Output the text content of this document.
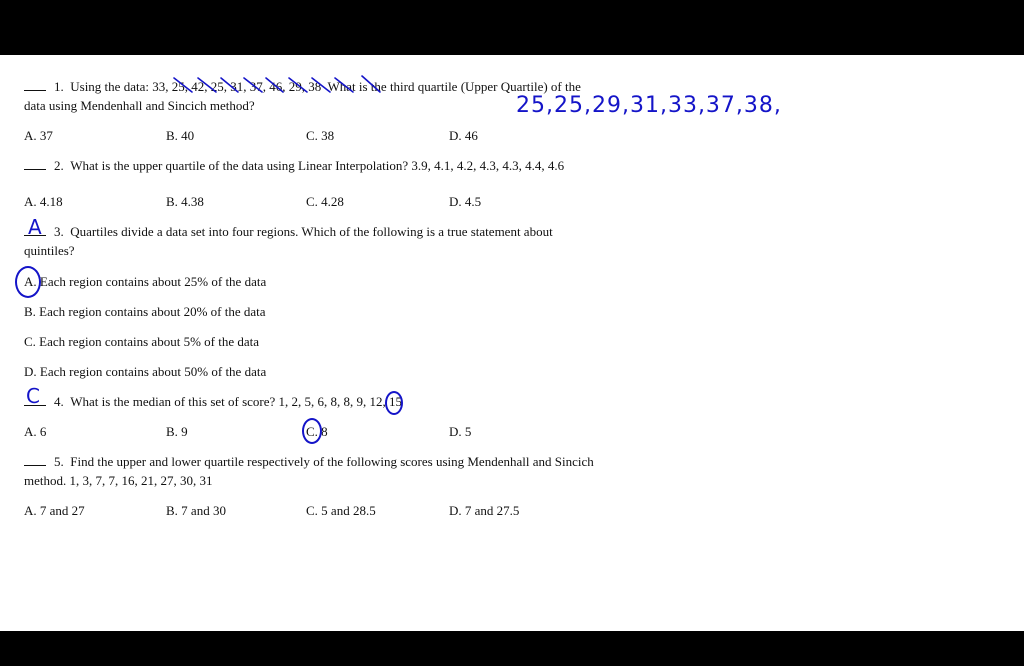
1. Using the data: 33, 25, 42, 25, 31, 37, 46, 29, 38 What is the third quartile (Upper Quartile) of the
data using Mendenhall and Sincich method?
A. 37	B. 40	C. 38	D. 46
25,25,29,31,33,37,38,
2. What is the upper quartile of the data using Linear Interpolation? 3.9, 4.1, 4.2, 4.3, 4.3, 4.4, 4.6
A. 4.18	B. 4.38	C. 4.28	D. 4.5
A 3. Quartiles divide a data set into four regions. Which of the following is a true statement about
quintiles?
A. Each region contains about 25% of the data
B. Each region contains about 20% of the data
C. Each region contains about 5% of the data
D. Each region contains about 50% of the data
C	4. What is the median of this set of score? 1, 2, 5, 6, 8, 8, 9, 12, 15
A. 6	B. 9	C. 8	D. 5
5. Find the upper and lower quartile respectively of the following scores using Mendenhall and Sincich
method. 1, 3, 7, 7, 16, 21, 27, 30, 31
A. 7 and 27	B. 7 and 30	C. 5 and 28.5	D. 7 and 27.5
